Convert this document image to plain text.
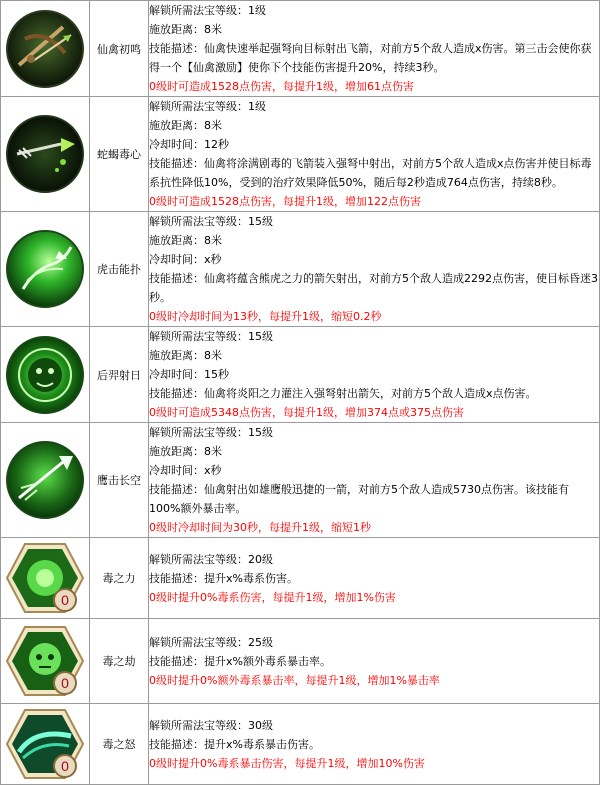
	仙禽初鸣	解锁所需法宝等级：1级
施放距离：8米
技能描述：仙禽快速举起强弩向目标射出飞箭，对前方5个敌人造成x伤害。第三击会使你获得一个【仙禽激励】使你下个技能伤害提升20%，持续3秒。
0级时可造成1528点伤害，每提升1级，增加61点伤害

	蛇蝎毒心	解锁所需法宝等级：1级
施放距离：8米
冷却时间：12秒
技能描述：仙禽将涂满剧毒的飞箭装入强弩中射出，对前方5个敌人造成x点伤害并使目标毒系抗性降低10%，受到的治疗效果降低50%，随后每2秒造成764点伤害，持续8秒。
0级时可造成1528点伤害，每提升1级，增加122点伤害

	虎击能扑	解锁所需法宝等级：15级
施放距离：8米
冷却时间：x秒
技能描述：仙禽将蕴含熊虎之力的箭矢射出，对前方5个敌人造成2292点伤害，使目标昏迷3秒。
0级时冷却时间为13秒，每提升1级，缩短0.2秒

	后羿射日	解锁所需法宝等级：15级
施放距离：8米
冷却时间：15秒
技能描述：仙禽将炎阳之力灌注入强弩射出箭矢，对前方5个敌人造成x点伤害。
0级时可造成5348点伤害，每提升1级，增加374点或375点伤害

	鹰击长空	解锁所需法宝等级：15级
施放距离：8米
冷却时间：x秒
技能描述：仙禽射出如雄鹰般迅捷的一箭，对前方5个敌人造成5730点伤害。该技能有100%额外暴击率。
0级时冷却时间为30秒，每提升1级，缩短1秒

0	毒之力	解锁所需法宝等级：20级
技能描述：提升x%毒系伤害。
0级时提升0%毒系伤害，每提升1级，增加1%伤害

0	毒之劫	解锁所需法宝等级：25级
技能描述：提升x%额外毒系暴击率。
0级时提升0%额外毒系暴击率，每提升1级，增加1%暴击率

0	毒之怒	解锁所需法宝等级：30级
技能描述：提升x%毒系暴击伤害。
0级时提升0%毒系暴击伤害，每提升1级，增加10%伤害
